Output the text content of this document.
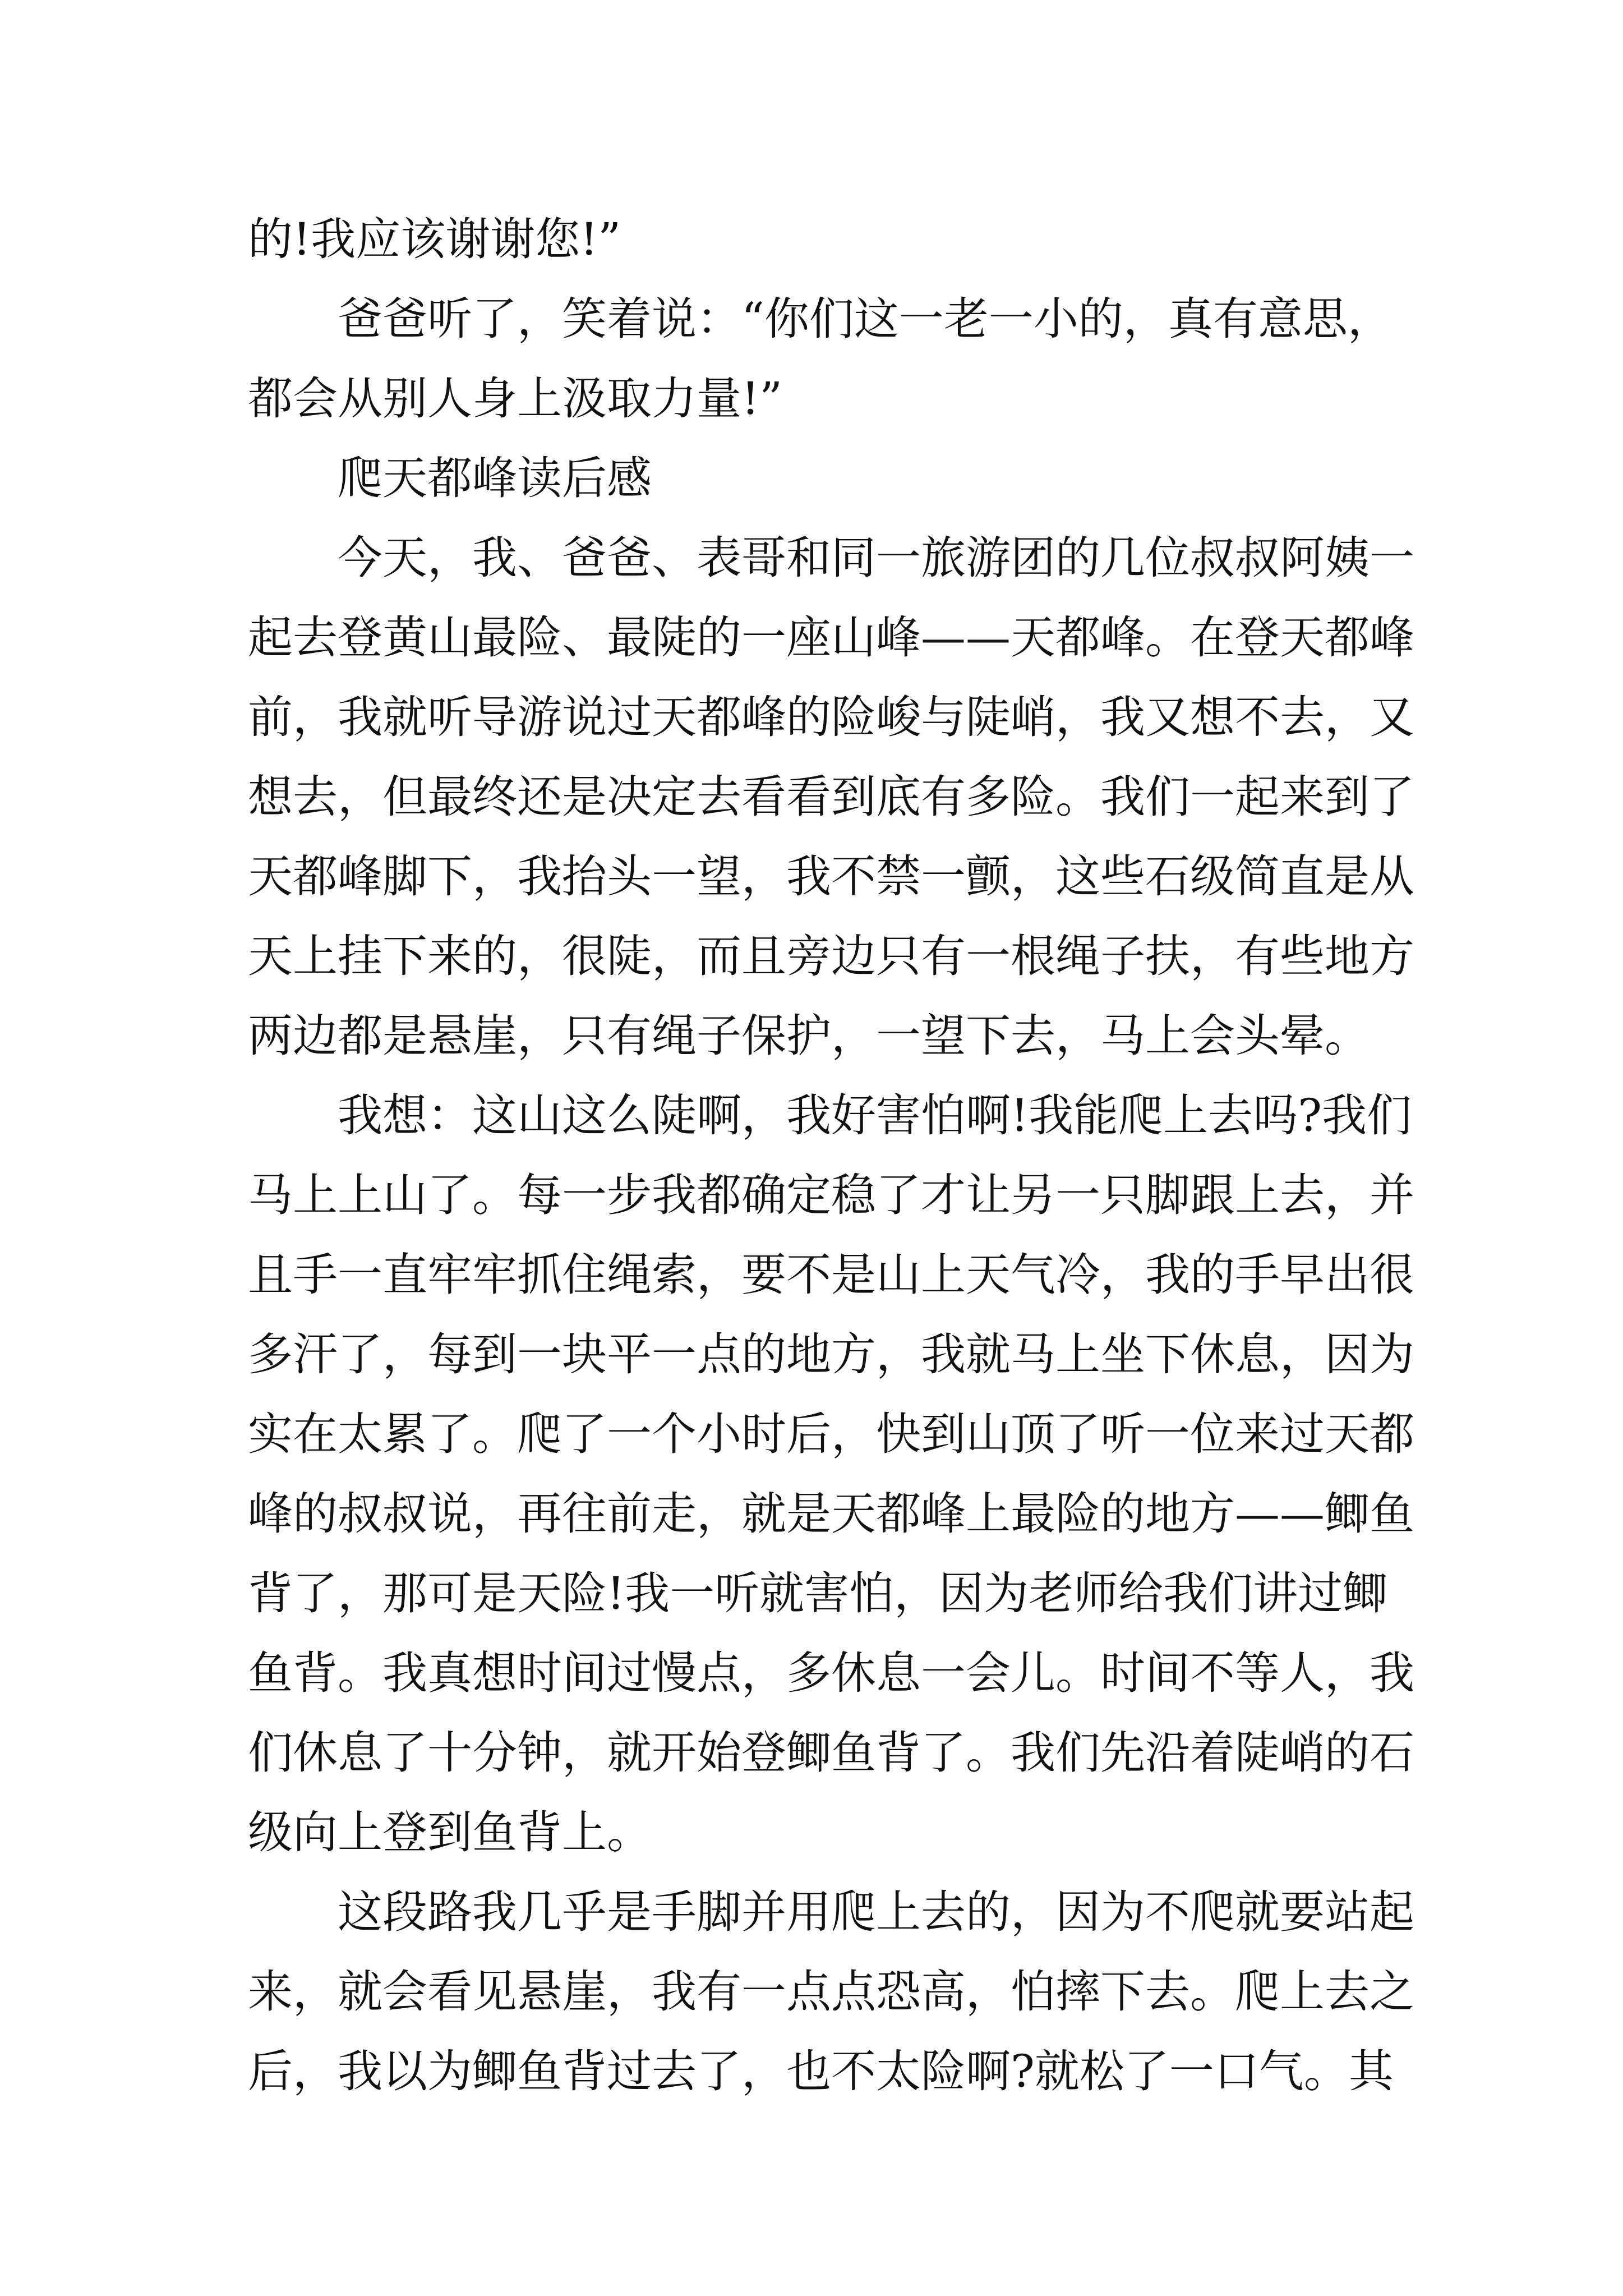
的!我应该谢谢您!”
爸爸听了，笑着说：“你们这一老一小的，真有意思，
都会从别人身上汲取力量!”
爬天都峰读后感
今天，我、爸爸、表哥和同一旅游团的几位叔叔阿姨一
起去登黄山最险、最陡的一座山峰——天都峰。在登天都峰
前，我就听导游说过天都峰的险峻与陡峭，我又想不去，又
想去，但最终还是决定去看看到底有多险。我们一起来到了
天都峰脚下，我抬头一望，我不禁一颤，这些石级简直是从
天上挂下来的，很陡，而且旁边只有一根绳子扶，有些地方
两边都是悬崖，只有绳子保护，一望下去，马上会头晕。
我想：这山这么陡啊，我好害怕啊!我能爬上去吗?我们
马上上山了。每一步我都确定稳了才让另一只脚跟上去，并
且手一直牢牢抓住绳索，要不是山上天气冷，我的手早出很
多汗了，每到一块平一点的地方，我就马上坐下休息，因为
实在太累了。爬了一个小时后，快到山顶了听一位来过天都
峰的叔叔说，再往前走，就是天都峰上最险的地方——鲫鱼
背了，那可是天险!我一听就害怕，因为老师给我们讲过鲫
鱼背。我真想时间过慢点，多休息一会儿。时间不等人，我
们休息了十分钟，就开始登鲫鱼背了。我们先沿着陡峭的石
级向上登到鱼背上。
这段路我几乎是手脚并用爬上去的，因为不爬就要站起
来，就会看见悬崖，我有一点点恐高，怕摔下去。爬上去之
后，我以为鲫鱼背过去了，也不太险啊?就松了一口气。其
